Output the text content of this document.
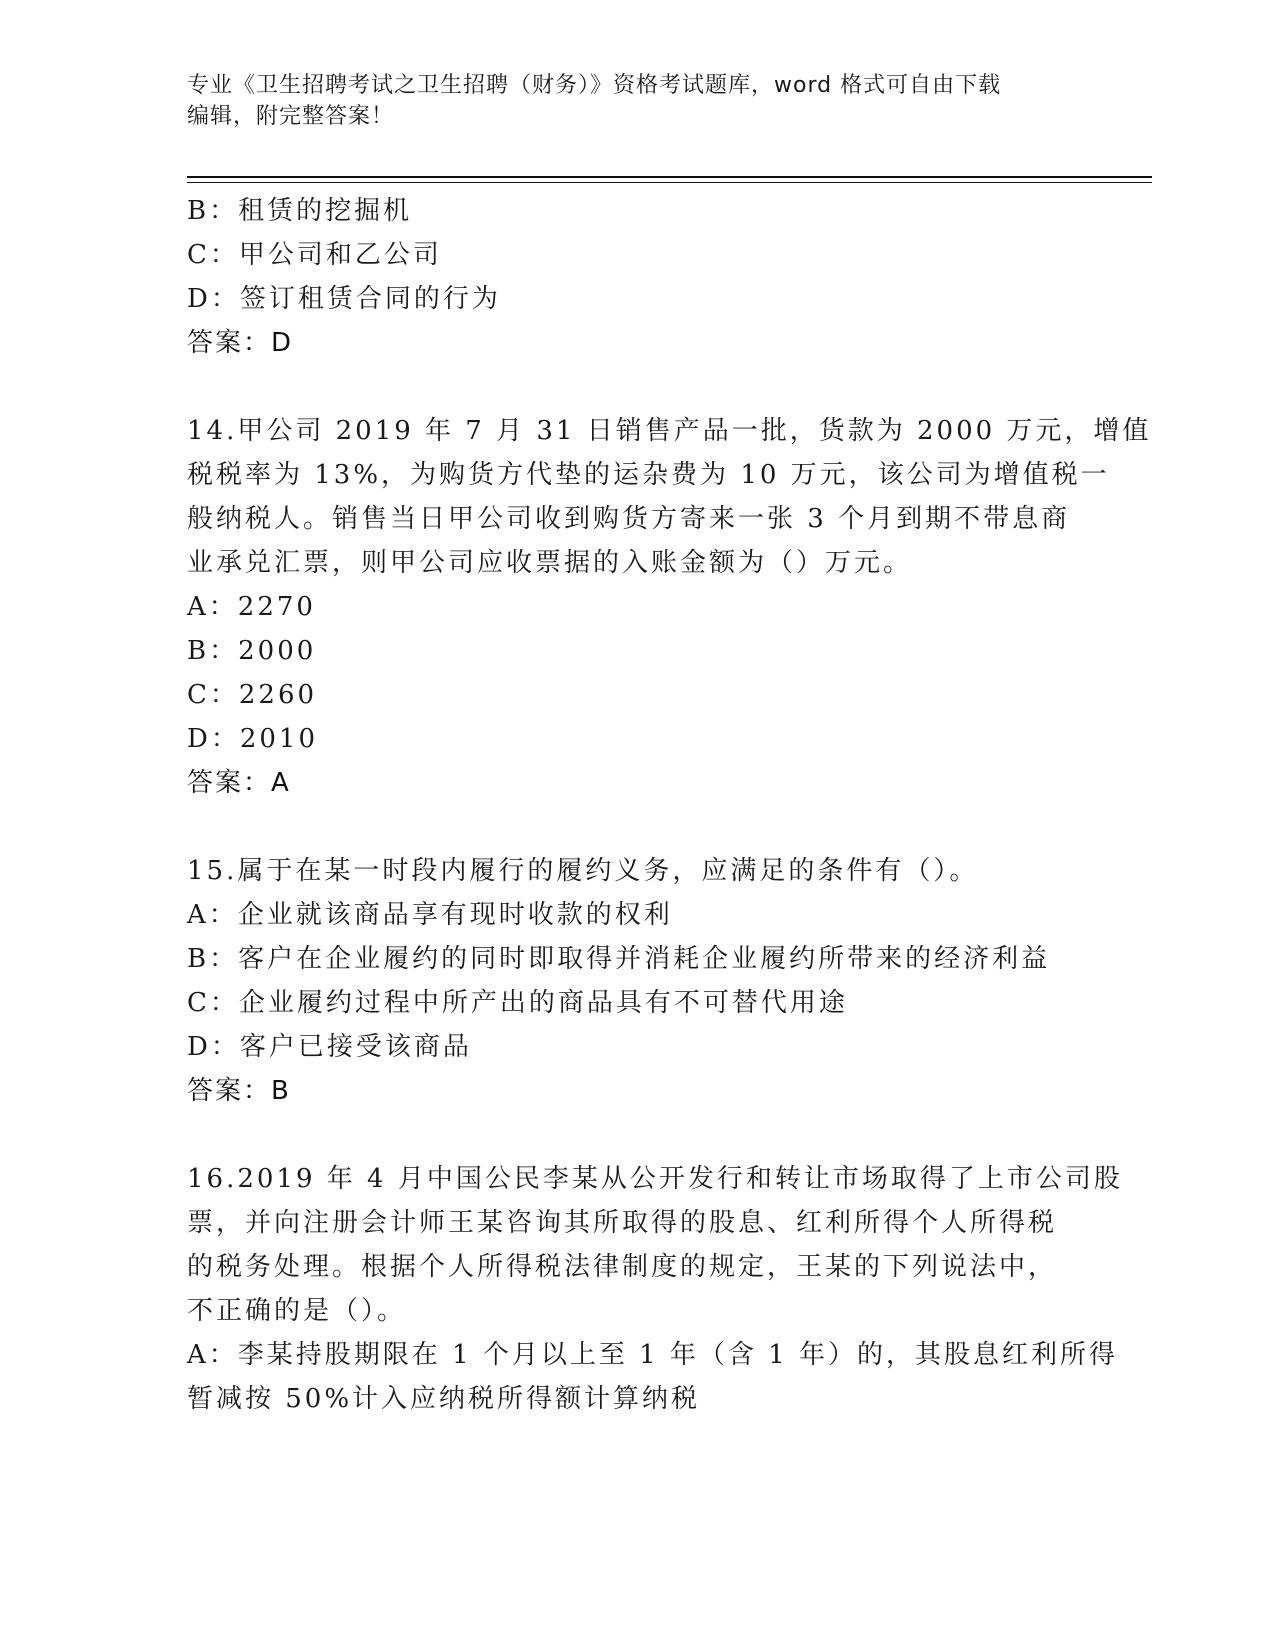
专业《卫生招聘考试之卫生招聘（财务）》资格考试题库，word 格式可自由下载
编辑，附完整答案！
B：租赁的挖掘机
C：甲公司和乙公司
D：签订租赁合同的行为
答案：D
14.甲公司 2019 年 7 月 31 日销售产品一批，货款为 2000 万元，增值
税税率为 13%，为购货方代垫的运杂费为 10 万元，该公司为增值税一
般纳税人。销售当日甲公司收到购货方寄来一张 3 个月到期不带息商
业承兑汇票，则甲公司应收票据的入账金额为（）万元。
A：2270
B：2000
C：2260
D：2010
答案：A
15.属于在某一时段内履行的履约义务，应满足的条件有（）。
A：企业就该商品享有现时收款的权利
B：客户在企业履约的同时即取得并消耗企业履约所带来的经济利益
C：企业履约过程中所产出的商品具有不可替代用途
D：客户已接受该商品
答案：B
16.2019 年 4 月中国公民李某从公开发行和转让市场取得了上市公司股
票，并向注册会计师王某咨询其所取得的股息、红利所得个人所得税
的税务处理。根据个人所得税法律制度的规定，王某的下列说法中，
不正确的是（）。
A：李某持股期限在 1 个月以上至 1 年（含 1 年）的，其股息红利所得
暂减按 50%计入应纳税所得额计算纳税
